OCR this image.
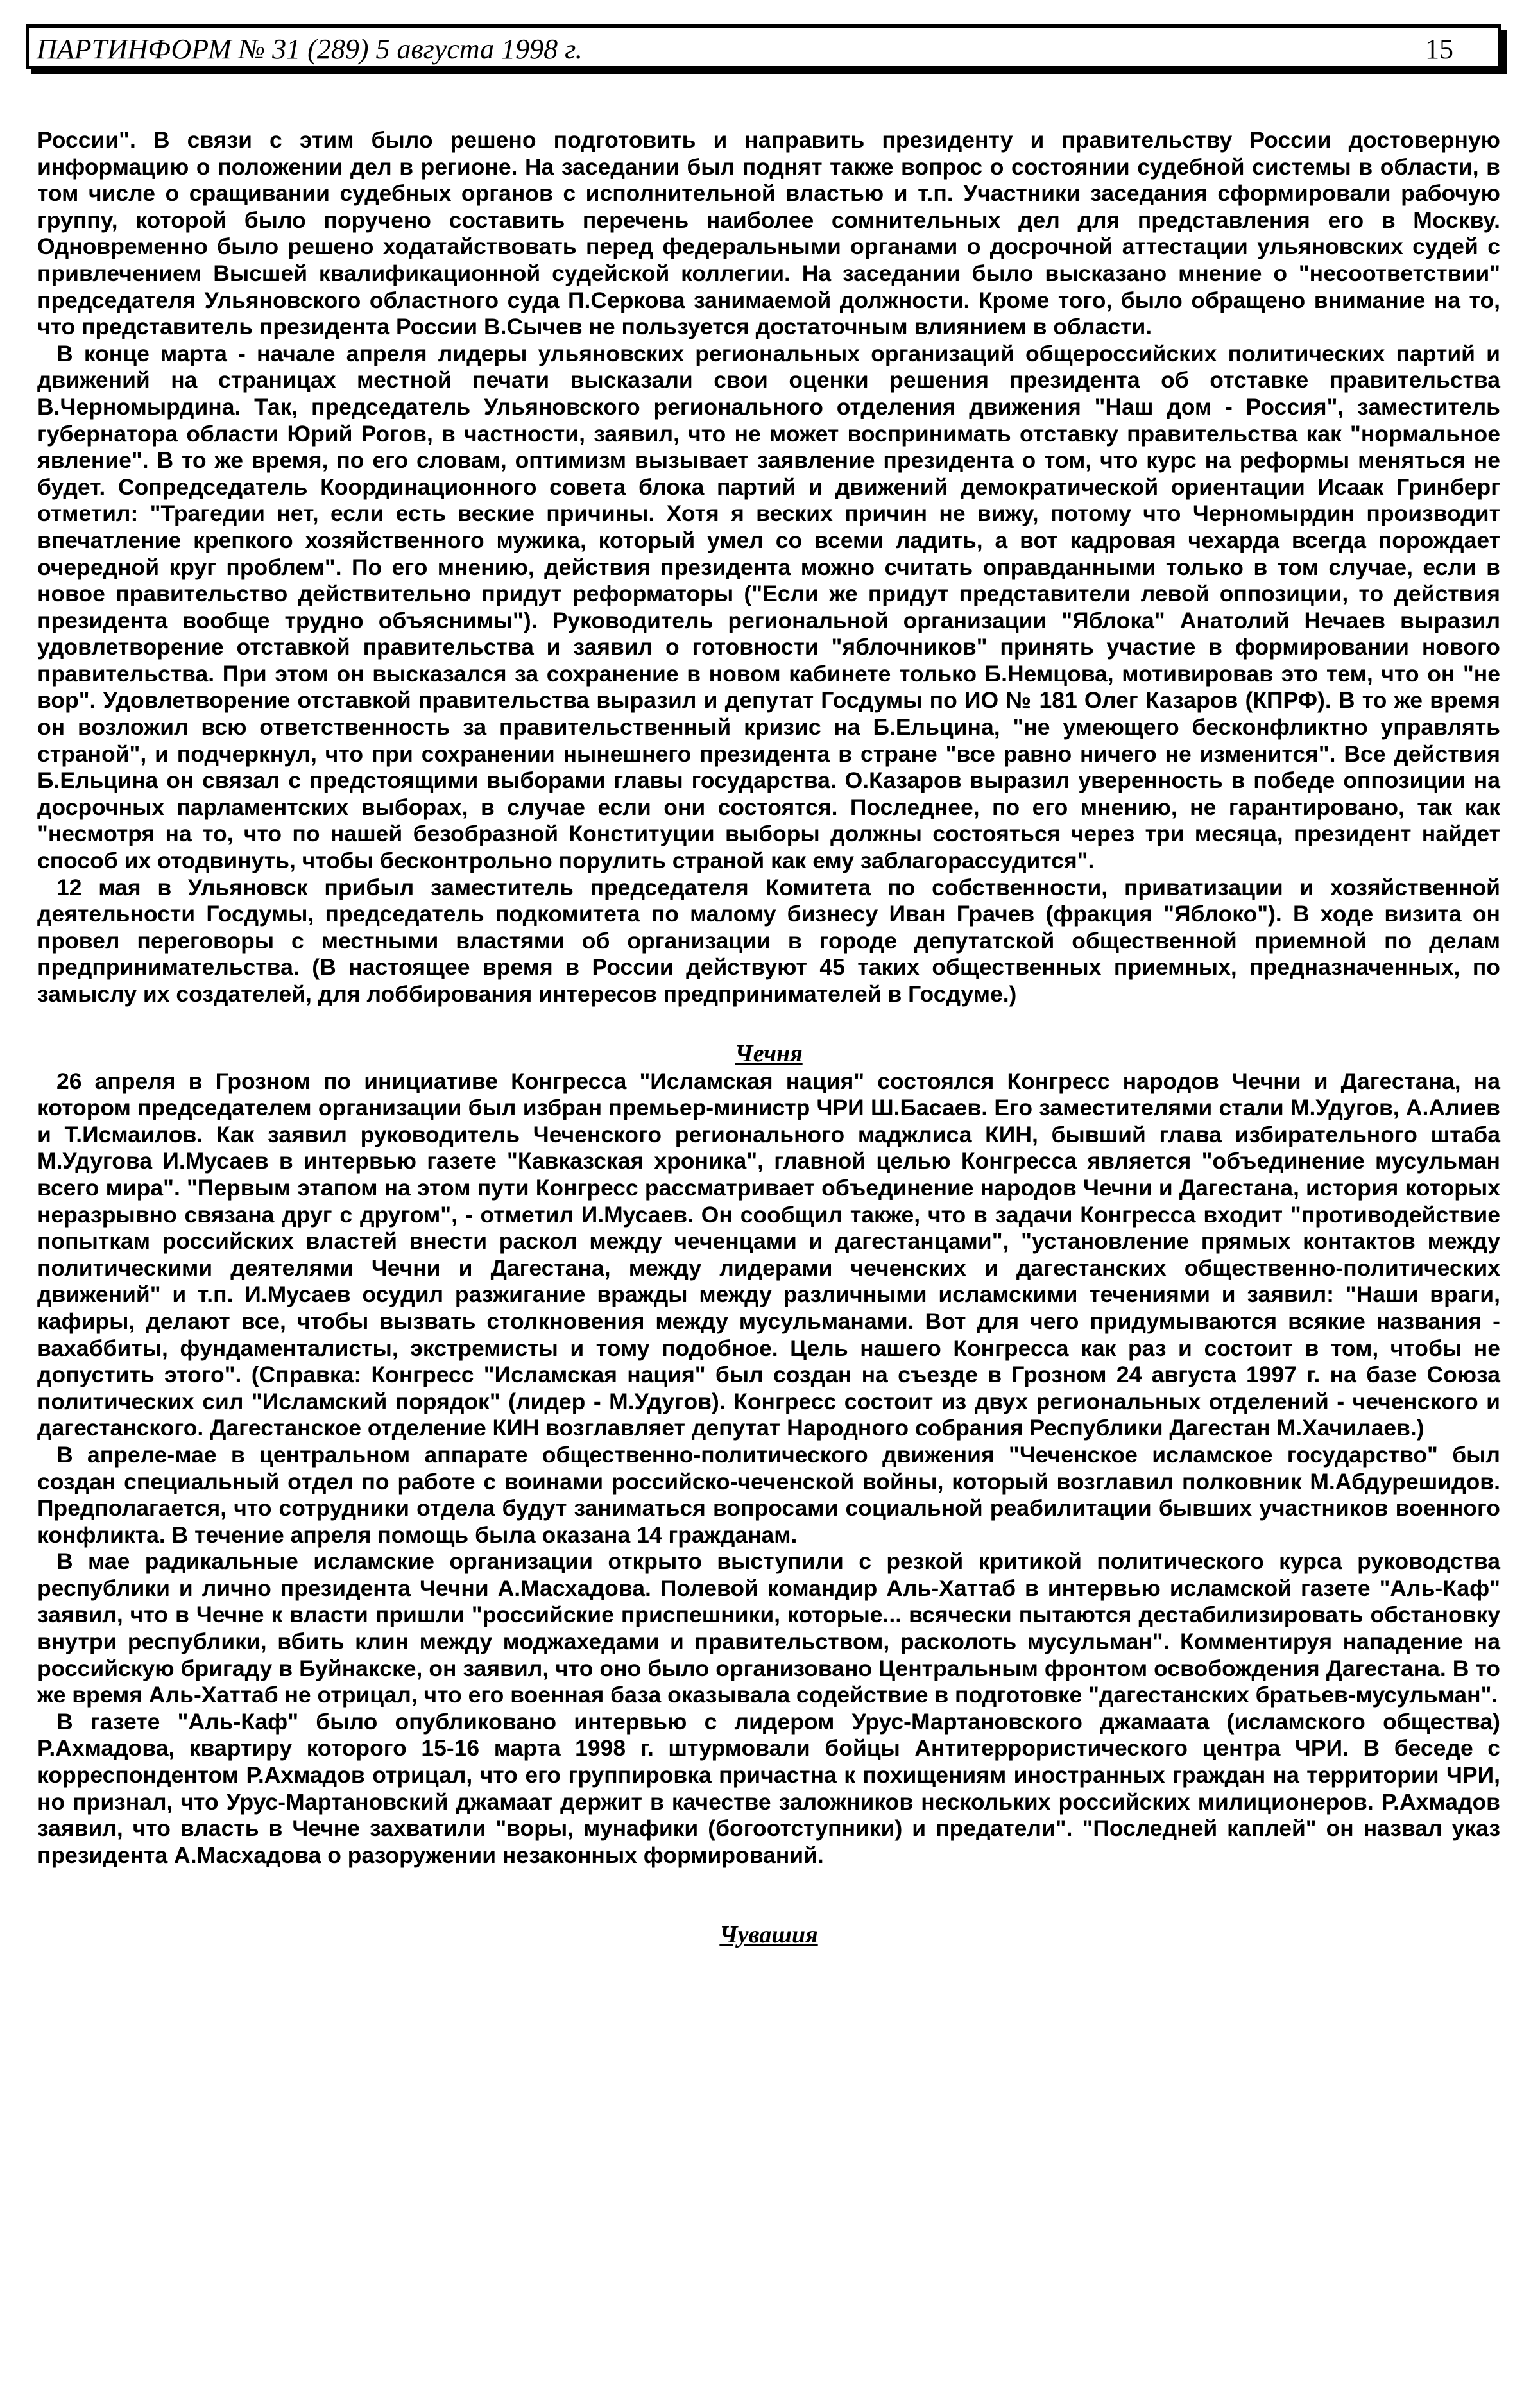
ПАРТИНФОРМ № 31 (289) 5 августа 1998 г.	15

России". В связи с этим было решено подготовить и направить президенту и правительству России достоверную информацию о положении дел в регионе. На заседании был поднят также вопрос о состоянии судебной системы в области, в том числе о сращивании судебных органов с исполнительной властью и т.п. Участники заседания сформировали рабочую группу, которой было поручено составить перечень наиболее сомнительных дел для представления его в Москву. Одновременно было решено ходатайствовать перед федеральными органами о досрочной аттестации ульяновских судей с привлечением Высшей квалификационной судейской коллегии. На заседании было высказано мнение о "несоответствии" председателя Ульяновского областного суда П.Серкова занимаемой должности. Кроме того, было обращено внимание на то, что представитель президента России В.Сычев не пользуется достаточным влиянием в области.

В конце марта - начале апреля лидеры ульяновских региональных организаций общероссийских политических партий и движений на страницах местной печати высказали свои оценки решения президента об отставке правительства В.Черномырдина. Так, председатель Ульяновского регионального отделения движения "Наш дом - Россия", заместитель губернатора области Юрий Рогов, в частности, заявил, что не может воспринимать отставку правительства как "нормальное явление". В то же время, по его словам, оптимизм вызывает заявление президента о том, что курс на реформы меняться не будет. Сопредседатель Координационного совета блока партий и движений демократической ориентации Исаак Гринберг отметил: "Трагедии нет, если есть веские причины. Хотя я веских причин не вижу, потому что Черномырдин производит впечатление крепкого хозяйственного мужика, который умел со всеми ладить, а вот кадровая чехарда всегда порождает очередной круг проблем". По его мнению, действия президента можно считать оправданными только в том случае, если в новое правительство действительно придут реформаторы ("Если же придут представители левой оппозиции, то действия президента вообще трудно объяснимы"). Руководитель региональной организации "Яблока" Анатолий Нечаев выразил удовлетворение отставкой правительства и заявил о готовности "яблочников" принять участие в формировании нового правительства. При этом он высказался за сохранение в новом кабинете только Б.Немцова, мотивировав это тем, что он "не вор". Удовлетворение отставкой правительства выразил и депутат Госдумы по ИО № 181 Олег Казаров (КПРФ). В то же время он возложил всю ответственность за правительственный кризис на Б.Ельцина, "не умеющего бесконфликтно управлять страной", и подчеркнул, что при сохранении нынешнего президента в стране "все равно ничего не изменится". Все действия Б.Ельцина он связал с предстоящими выборами главы государства. О.Казаров выразил уверенность в победе оппозиции на досрочных парламентских выборах, в случае если они состоятся. Последнее, по его мнению, не гарантировано, так как "несмотря на то, что по нашей безобразной Конституции выборы должны состояться через три месяца, президент найдет способ их отодвинуть, чтобы бесконтрольно порулить страной как ему заблагорассудится".

12 мая в Ульяновск прибыл заместитель председателя Комитета по собственности, приватизации и хозяйственной деятельности Госдумы, председатель подкомитета по малому бизнесу Иван Грачев (фракция "Яблоко"). В ходе визита он провел переговоры с местными властями об организации в городе депутатской общественной приемной по делам предпринимательства. (В настоящее время в России действуют 45 таких общественных приемных, предназначенных, по замыслу их создателей, для лоббирования интересов предпринимателей в Госдуме.)

Чечня

26 апреля в Грозном по инициативе Конгресса "Исламская нация" состоялся Конгресс народов Чечни и Дагестана, на котором председателем организации был избран премьер-министр ЧРИ Ш.Басаев. Его заместителями стали М.Удугов, А.Алиев и Т.Исмаилов. Как заявил руководитель Чеченского регионального маджлиса КИН, бывший глава избирательного штаба М.Удугова И.Мусаев в интервью газете "Кавказская хроника", главной целью Конгресса является "объединение мусульман всего мира". "Первым этапом на этом пути Конгресс рассматривает объединение народов Чечни и Дагестана, история которых неразрывно связана друг с другом", - отметил И.Мусаев. Он сообщил также, что в задачи Конгресса входит "противодействие попыткам российских властей внести раскол между чеченцами и дагестанцами", "установление прямых контактов между политическими деятелями Чечни и Дагестана, между лидерами чеченских и дагестанских общественно-политических движений" и т.п. И.Мусаев осудил разжигание вражды между различными исламскими течениями и заявил: "Наши враги, кафиры, делают все, чтобы вызвать столкновения между мусульманами. Вот для чего придумываются всякие названия - вахаббиты, фундаменталисты, экстремисты и тому подобное. Цель нашего Конгресса как раз и состоит в том, чтобы не допустить этого". (Справка: Конгресс "Исламская нация" был создан на съезде в Грозном 24 августа 1997 г. на базе Союза политических сил "Исламский порядок" (лидер - М.Удугов). Конгресс состоит из двух региональных отделений - чеченского и дагестанского. Дагестанское отделение КИН возглавляет депутат Народного собрания Республики Дагестан М.Хачилаев.)

В апреле-мае в центральном аппарате общественно-политического движения "Чеченское исламское государство" был создан специальный отдел по работе с воинами российско-чеченской войны, который возглавил полковник М.Абдурешидов. Предполагается, что сотрудники отдела будут заниматься вопросами социальной реабилитации бывших участников военного конфликта. В течение апреля помощь была оказана 14 гражданам.

В мае радикальные исламские организации открыто выступили с резкой критикой политического курса руководства республики и лично президента Чечни А.Масхадова. Полевой командир Аль-Хаттаб в интервью исламской газете "Аль-Каф" заявил, что в Чечне к власти пришли "российские приспешники, которые... всячески пытаются дестабилизировать обстановку внутри республики, вбить клин между моджахедами и правительством, расколоть мусульман". Комментируя нападение на российскую бригаду в Буйнакске, он заявил, что оно было организовано Центральным фронтом освобождения Дагестана. В то же время Аль-Хаттаб не отрицал, что его военная база оказывала содействие в подготовке "дагестанских братьев-мусульман".

В газете "Аль-Каф" было опубликовано интервью с лидером Урус-Мартановского джамаата (исламского общества) Р.Ахмадова, квартиру которого 15-16 марта 1998 г. штурмовали бойцы Антитеррористического центра ЧРИ. В беседе с корреспондентом Р.Ахмадов отрицал, что его группировка причастна к похищениям иностранных граждан на территории ЧРИ, но признал, что Урус-Мартановский джамаат держит в качестве заложников нескольких российских милиционеров. Р.Ахмадов заявил, что власть в Чечне захватили "воры, мунафики (богоотступники) и предатели". "Последней каплей" он назвал указ президента А.Масхадова о разоружении незаконных формирований.

Чувашия
